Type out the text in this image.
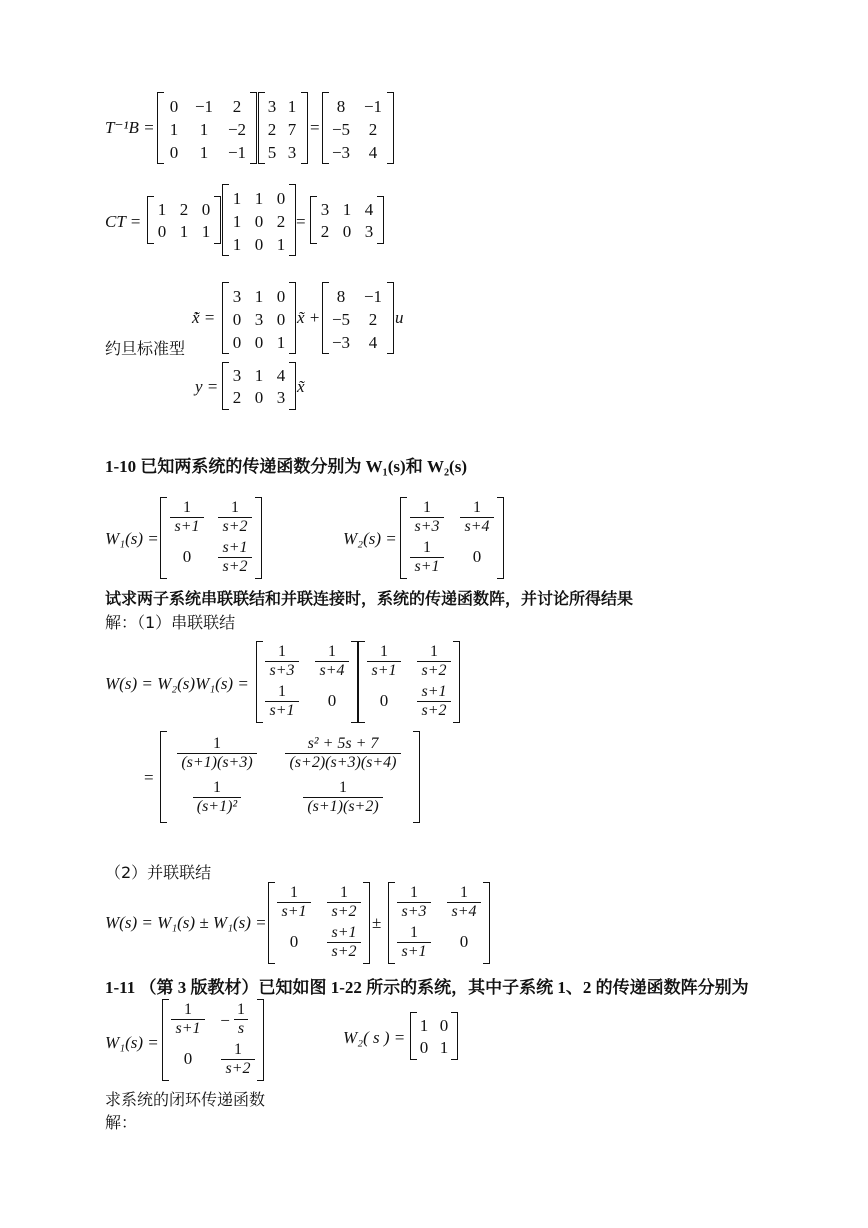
T⁻¹B =
0 −1	2
1	1	−2
0	1	−1
3 1
2 7
5 3
=
8	−1
−5	2
−3	4
CT =
1 2 0
0 1 1
1 1 0
1 0 2
1 0 1
=
3 1 4
2 0 3
约旦标准型
x̃̇ =
3 1 0
0 3 0
0 0 1
x̃ +
8	−1
−5	2
−3	4
u
y =
3 1 4
2 0 3
x̃
1-10 已知两系统的传递函数分别为 W₁(s)和 W₂(s)
W₁(s) =
$\frac{1}{s+1} \frac{1}{s+2}$
0	$\frac{s+1}{s+2}$
W₂(s) =
$\frac{1}{s+3} \frac{1}{s+4}$
$\frac{1}{s+1}$	0
试求两子系统串联联结和并联连接时，系统的传递函数阵，并讨论所得结果
解：（1）串联联结
W(s) = W₂(s)W₁(s) =
$\frac{1}{s+3} \frac{1}{s+4}$
$\frac{1}{s+1}$	0
$\frac{1}{s+1} \frac{1}{s+2}$
0	$\frac{s+1}{s+2}$
=
$\frac{1}{(s+1)(s+3)} \frac{\text{s² + 5s + 7}}{(s+2)(s+3)(s+4)}$
$\frac{1}{\text{(s+1)²}} \frac{1}{(s+1)(s+2)}$
（2）并联联结
W(s) = W₁(s) ± W₁(s) =
$\frac{1}{s+1} \frac{1}{s+2}$
0	$\frac{s+1}{s+2}$
±
$\frac{1}{s+3} \frac{1}{s+4}$
$\frac{1}{s+1}$	0
1-11 （第 3 版教材）已知如图 1-22 所示的系统，其中子系统 1、2 的传递函数阵分别为
W₁(s) =
$\frac{1}{s+1} - \frac{1}{s}$
0	$\frac{1}{s+2}$
W₂( s ) =
1 0
0 1
求系统的闭环传递函数
解：
